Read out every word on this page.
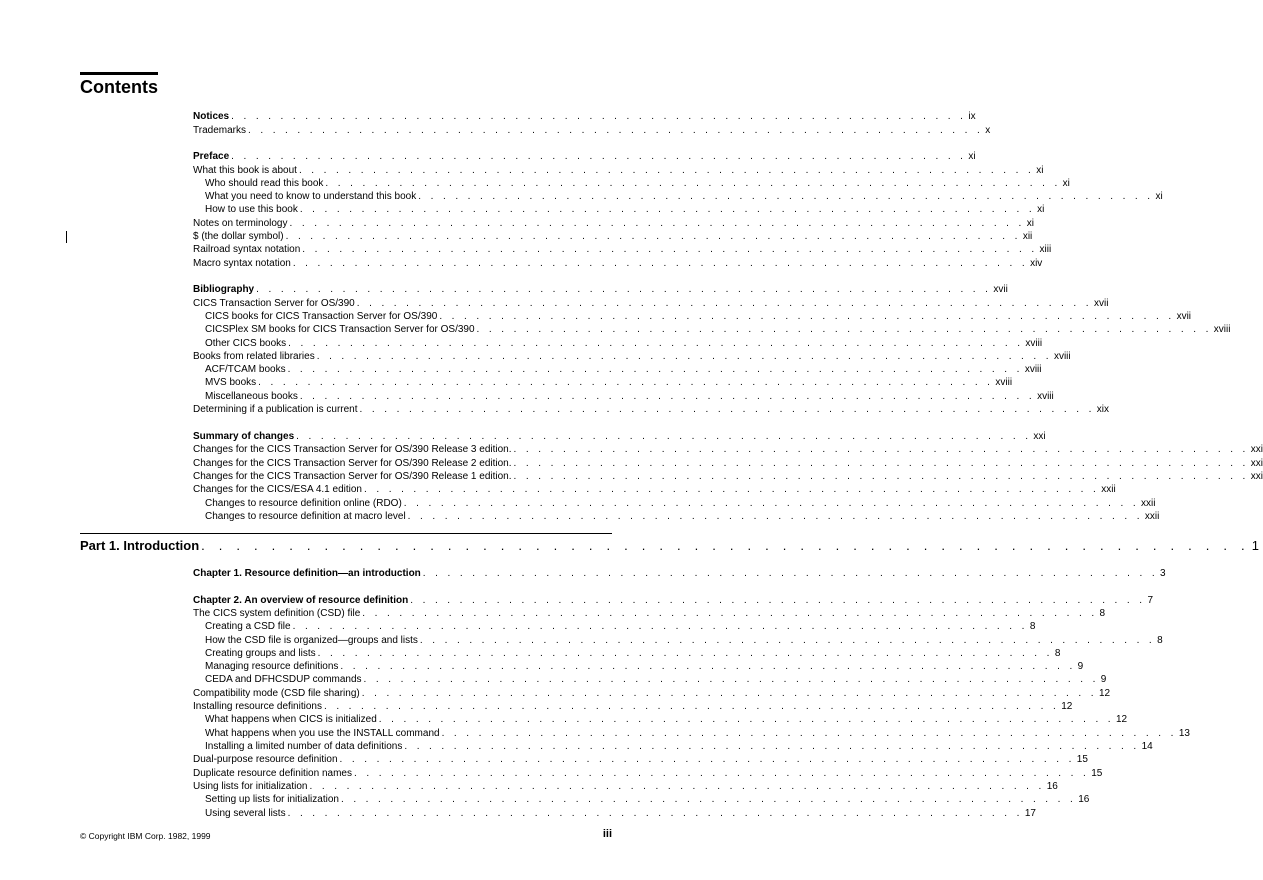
Contents
Notices . . . . . . . . . . . . . . . . . . . . . . . . . . . . . . . . . . . . . . . . . . . . . . . . . . . . . . . . . . . . ix
Trademarks . . . . . . . . . . . . . . . . . . . . . . . . . . . . . . . . . . . . . . . . . . . . . . . . . . . . . . . . . . . . x
Preface . . . . . . . . . . . . . . . . . . . . . . . . . . . . . . . . . . . . . . . . . . . . . . . . . . . . . . . . . . . . xi
What this book is about . . . . . . . . . . . . . . . . . . . . . . . . . . . . . . . . . . . . . . . . . . . . . . . . . . . . . . . . . . . . xi
Who should read this book . . . . . . . . . . . . . . . . . . . . . . . . . . . . . . . . . . . . . . . . . . . . . . . . . . . . . . . . . . . . xi
What you need to know to understand this book . . . . . . . . . . . . . . . . . . . . . . . . . . . . . . . . . . . . . . . . . . . . . . . . . . . . . . . . . . . . xi
How to use this book . . . . . . . . . . . . . . . . . . . . . . . . . . . . . . . . . . . . . . . . . . . . . . . . . . . . . . . . . . . . xi
Notes on terminology . . . . . . . . . . . . . . . . . . . . . . . . . . . . . . . . . . . . . . . . . . . . . . . . . . . . . . . . . . . . xi
$ (the dollar symbol) . . . . . . . . . . . . . . . . . . . . . . . . . . . . . . . . . . . . . . . . . . . . . . . . . . . . . . . . . . . . xii
Railroad syntax notation . . . . . . . . . . . . . . . . . . . . . . . . . . . . . . . . . . . . . . . . . . . . . . . . . . . . . . . . . . . . xiii
Macro syntax notation . . . . . . . . . . . . . . . . . . . . . . . . . . . . . . . . . . . . . . . . . . . . . . . . . . . . . . . . . . . . xiv
Bibliography . . . . . . . . . . . . . . . . . . . . . . . . . . . . . . . . . . . . . . . . . . . . . . . . . . . . . . . . . . . . xvii
CICS Transaction Server for OS/390 . . . . . . . . . . . . . . . . . . . . . . . . . . . . . . . . . . . . . . . . . . . . . . . . . . . . . . . . . . . . xvii
CICS books for CICS Transaction Server for OS/390 . . . . . . . . . . . . . . . . . . . . . . . . . . . . . . . . . . . . . . . . . . . . . . . . . . . . . . . . . . . . xvii
CICSPlex SM books for CICS Transaction Server for OS/390 . . . . . . . . . . . . . . . . . . . . . . . . . . . . . . . . . . . . . . . . . . . . . . . . . . . . . . . . . . . . xviii
Other CICS books . . . . . . . . . . . . . . . . . . . . . . . . . . . . . . . . . . . . . . . . . . . . . . . . . . . . . . . . . . . . xviii
Books from related libraries . . . . . . . . . . . . . . . . . . . . . . . . . . . . . . . . . . . . . . . . . . . . . . . . . . . . . . . . . . . . xviii
ACF/TCAM books . . . . . . . . . . . . . . . . . . . . . . . . . . . . . . . . . . . . . . . . . . . . . . . . . . . . . . . . . . . . xviii
MVS books . . . . . . . . . . . . . . . . . . . . . . . . . . . . . . . . . . . . . . . . . . . . . . . . . . . . . . . . . . . . xviii
Miscellaneous books . . . . . . . . . . . . . . . . . . . . . . . . . . . . . . . . . . . . . . . . . . . . . . . . . . . . . . . . . . . . xviii
Determining if a publication is current . . . . . . . . . . . . . . . . . . . . . . . . . . . . . . . . . . . . . . . . . . . . . . . . . . . . . . . . . . . . xix
Summary of changes . . . . . . . . . . . . . . . . . . . . . . . . . . . . . . . . . . . . . . . . . . . . . . . . . . . . . . . . . . . . xxi
Changes for the CICS Transaction Server for OS/390 Release 3 edition. . . . . . . . . . . . . . . . . . . . . . . . . . . . . . . . . . . . . . . . . . . . . . . . . . . . . . . . . . . . . xxi
Changes for the CICS Transaction Server for OS/390 Release 2 edition. . . . . . . . . . . . . . . . . . . . . . . . . . . . . . . . . . . . . . . . . . . . . . . . . . . . . . . . . . . . . xxi
Changes for the CICS Transaction Server for OS/390 Release 1 edition. . . . . . . . . . . . . . . . . . . . . . . . . . . . . . . . . . . . . . . . . . . . . . . . . . . . . . . . . . . . . xxi
Changes for the CICS/ESA 4.1 edition . . . . . . . . . . . . . . . . . . . . . . . . . . . . . . . . . . . . . . . . . . . . . . . . . . . . . . . . . . . . xxii
Changes to resource definition online (RDO) . . . . . . . . . . . . . . . . . . . . . . . . . . . . . . . . . . . . . . . . . . . . . . . . . . . . . . . . . . . . xxii
Changes to resource definition at macro level . . . . . . . . . . . . . . . . . . . . . . . . . . . . . . . . . . . . . . . . . . . . . . . . . . . . . . . . . . . . xxii
Chapter 1. Resource definition—an introduction . . . . . . . . . . . . . . . . . . . . . . . . . . . . . . . . . . . . . . . . . . . . . . . . . . . . . . . . . . . . 3
Chapter 2. An overview of resource definition . . . . . . . . . . . . . . . . . . . . . . . . . . . . . . . . . . . . . . . . . . . . . . . . . . . . . . . . . . . . 7
The CICS system definition (CSD) file . . . . . . . . . . . . . . . . . . . . . . . . . . . . . . . . . . . . . . . . . . . . . . . . . . . . . . . . . . . . 8
Creating a CSD file . . . . . . . . . . . . . . . . . . . . . . . . . . . . . . . . . . . . . . . . . . . . . . . . . . . . . . . . . . . . 8
How the CSD file is organized—groups and lists . . . . . . . . . . . . . . . . . . . . . . . . . . . . . . . . . . . . . . . . . . . . . . . . . . . . . . . . . . . . 8
Creating groups and lists . . . . . . . . . . . . . . . . . . . . . . . . . . . . . . . . . . . . . . . . . . . . . . . . . . . . . . . . . . . . 8
Managing resource definitions . . . . . . . . . . . . . . . . . . . . . . . . . . . . . . . . . . . . . . . . . . . . . . . . . . . . . . . . . . . . 9
CEDA and DFHCSDUP commands . . . . . . . . . . . . . . . . . . . . . . . . . . . . . . . . . . . . . . . . . . . . . . . . . . . . . . . . . . . . 9
Compatibility mode (CSD file sharing) . . . . . . . . . . . . . . . . . . . . . . . . . . . . . . . . . . . . . . . . . . . . . . . . . . . . . . . . . . . . 12
Installing resource definitions . . . . . . . . . . . . . . . . . . . . . . . . . . . . . . . . . . . . . . . . . . . . . . . . . . . . . . . . . . . . 12
What happens when CICS is initialized . . . . . . . . . . . . . . . . . . . . . . . . . . . . . . . . . . . . . . . . . . . . . . . . . . . . . . . . . . . . 12
What happens when you use the INSTALL command . . . . . . . . . . . . . . . . . . . . . . . . . . . . . . . . . . . . . . . . . . . . . . . . . . . . . . . . . . . . 13
Installing a limited number of data definitions . . . . . . . . . . . . . . . . . . . . . . . . . . . . . . . . . . . . . . . . . . . . . . . . . . . . . . . . . . . . 14
Dual-purpose resource definition . . . . . . . . . . . . . . . . . . . . . . . . . . . . . . . . . . . . . . . . . . . . . . . . . . . . . . . . . . . . 15
Duplicate resource definition names . . . . . . . . . . . . . . . . . . . . . . . . . . . . . . . . . . . . . . . . . . . . . . . . . . . . . . . . . . . . 15
Using lists for initialization . . . . . . . . . . . . . . . . . . . . . . . . . . . . . . . . . . . . . . . . . . . . . . . . . . . . . . . . . . . . 16
Setting up lists for initialization . . . . . . . . . . . . . . . . . . . . . . . . . . . . . . . . . . . . . . . . . . . . . . . . . . . . . . . . . . . . 16
Using several lists . . . . . . . . . . . . . . . . . . . . . . . . . . . . . . . . . . . . . . . . . . . . . . . . . . . . . . . . . . . . 17
Part 1. Introduction . . . . . . . . . . . . . . . . . . . . . . . . . . . . . . . . . . . . . . . . . . . . . . . . . . . . . . . . . . . . 1
© Copyright IBM Corp. 1982, 1999	iii
